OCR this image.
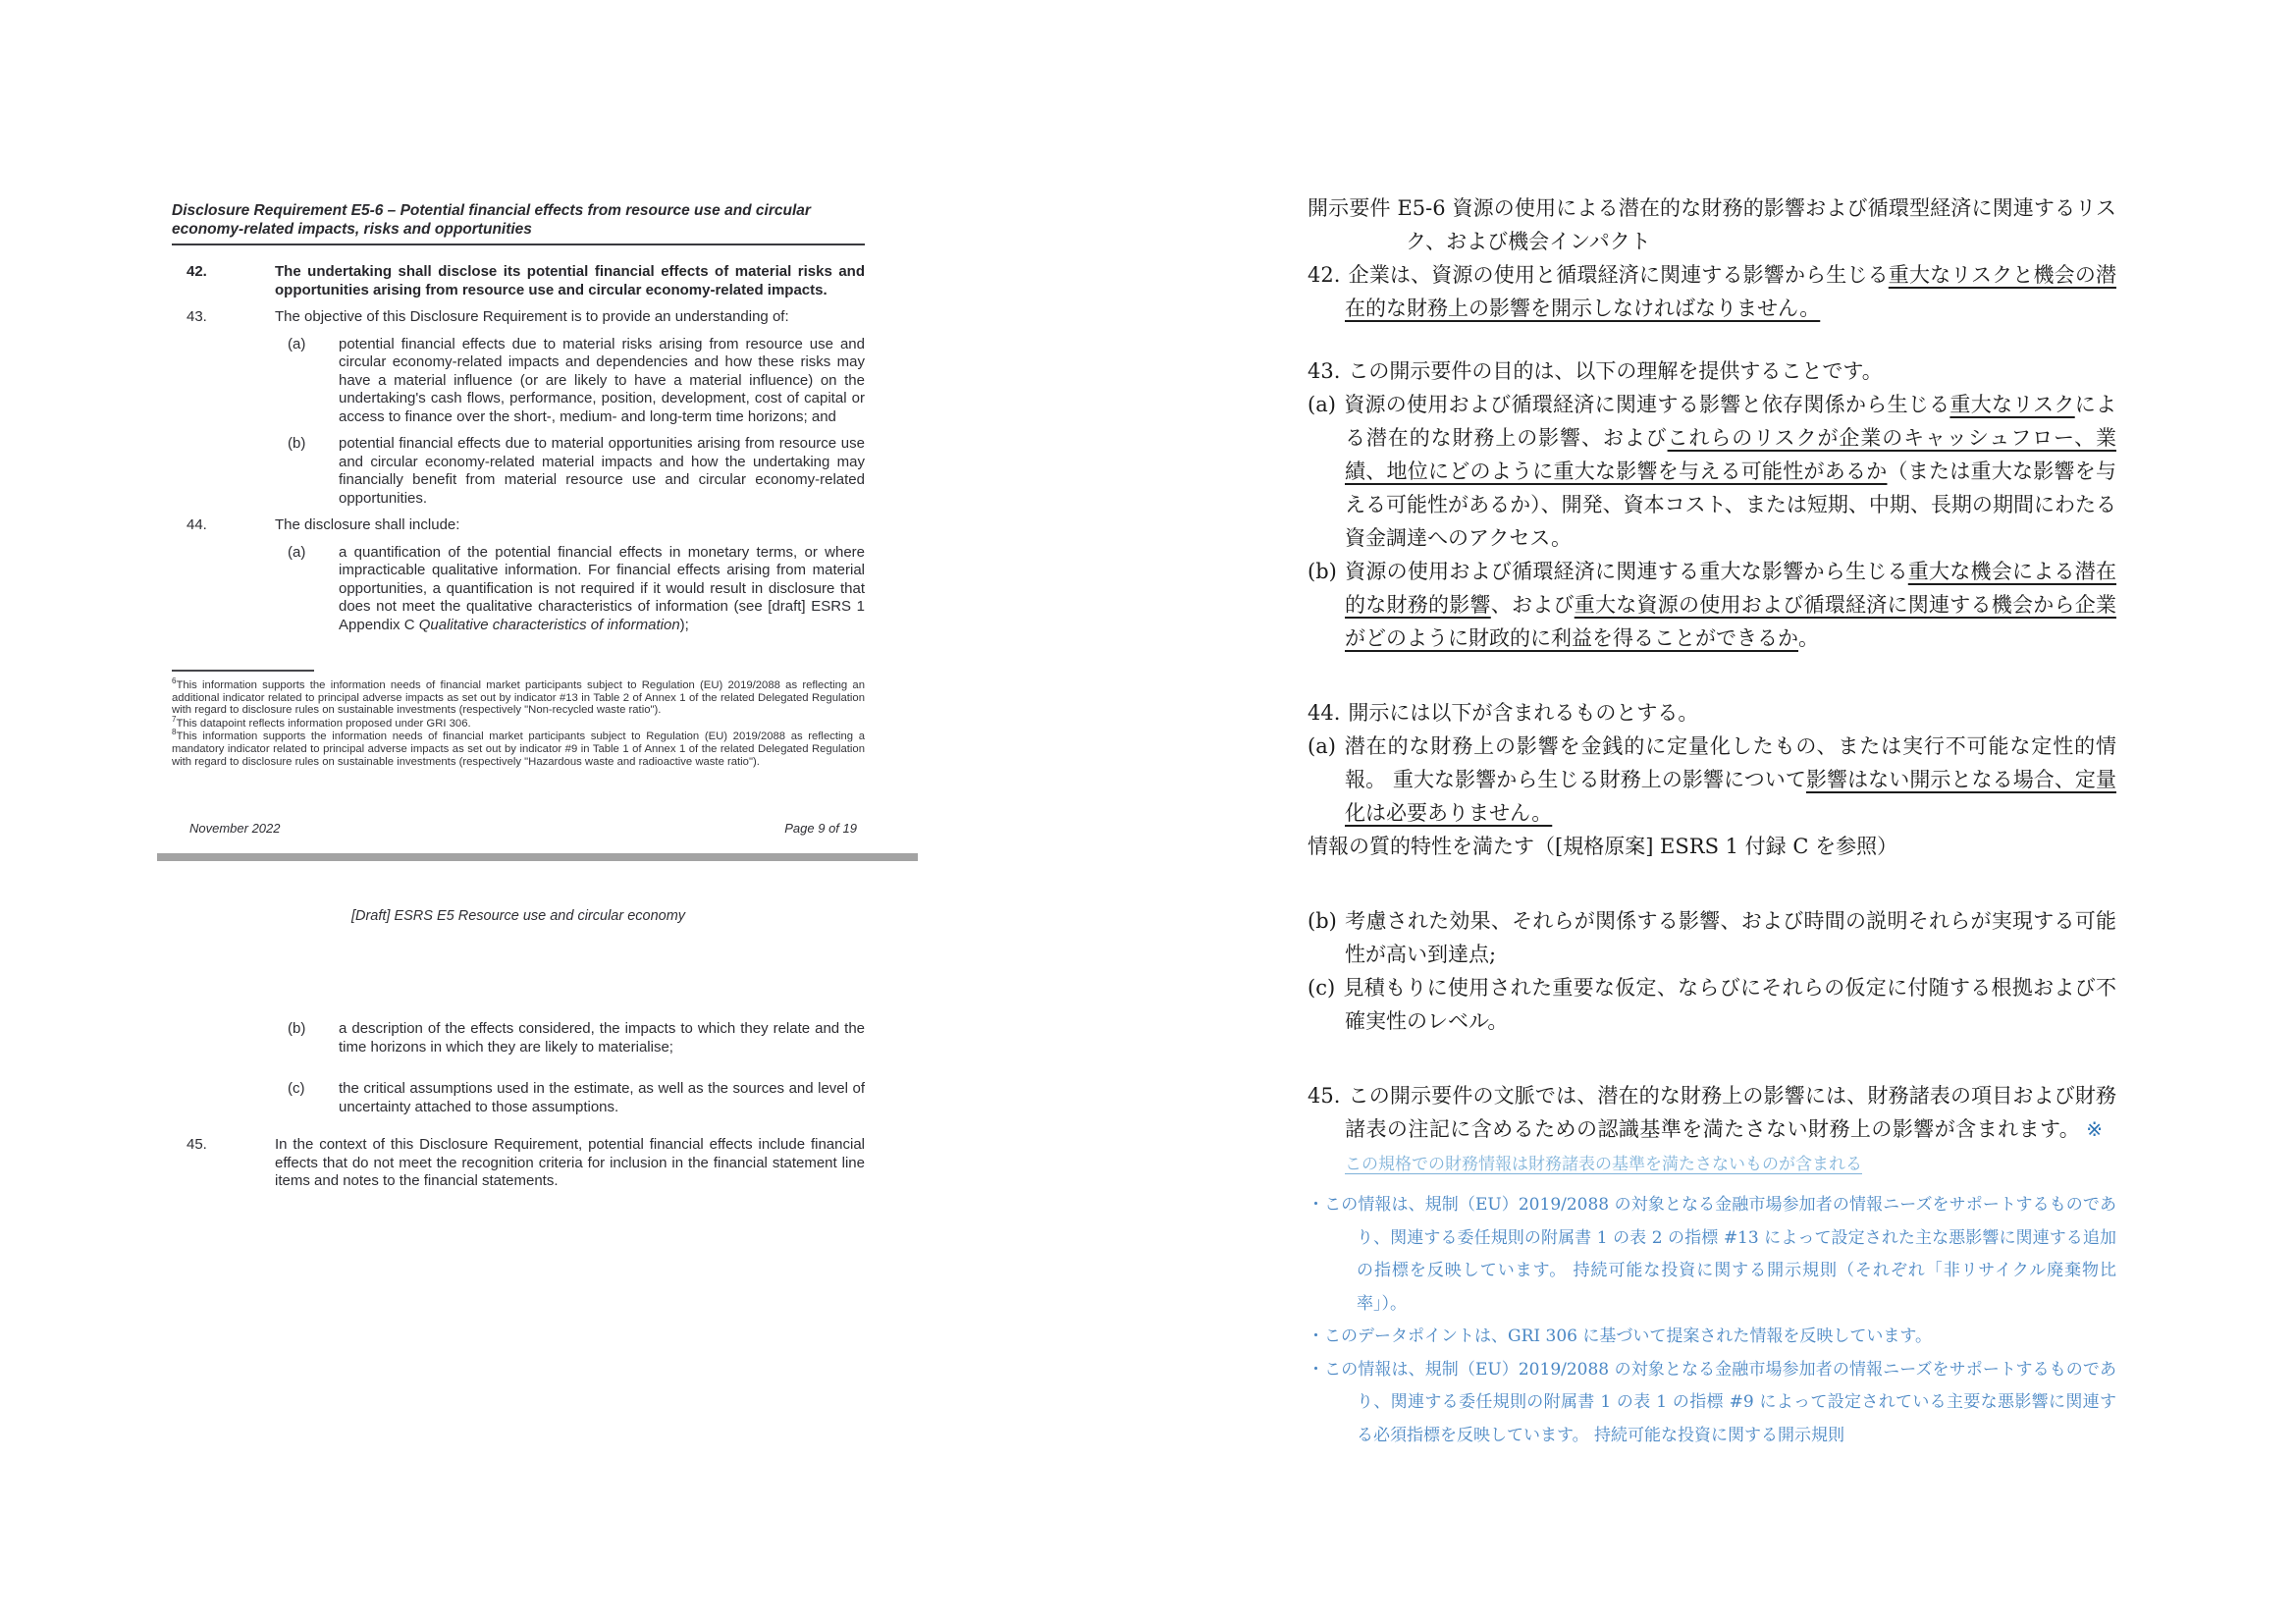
Disclosure Requirement E5-6 – Potential financial effects from resource use and circular economy-related impacts, risks and opportunities
42.	The undertaking shall disclose its potential financial effects of material risks and opportunities arising from resource use and circular economy-related impacts.
43.	The objective of this Disclosure Requirement is to provide an understanding of:
(a)	potential financial effects due to material risks arising from resource use and circular economy-related impacts and dependencies and how these risks may have a material influence (or are likely to have a material influence) on the undertaking's cash flows, performance, position, development, cost of capital or access to finance over the short-, medium- and long-term time horizons; and
(b)	potential financial effects due to material opportunities arising from resource use and circular economy-related material impacts and how the undertaking may financially benefit from material resource use and circular economy-related opportunities.
44.	The disclosure shall include:
(a)	a quantification of the potential financial effects in monetary terms, or where impracticable qualitative information. For financial effects arising from material opportunities, a quantification is not required if it would result in disclosure that does not meet the qualitative characteristics of information (see [draft] ESRS 1 Appendix C Qualitative characteristics of information);

$^6$This information supports the information needs of financial market participants subject to Regulation (EU) 2019/2088 as reflecting an additional indicator related to principal adverse impacts as set out by indicator #13 in Table 2 of Annex 1 of the related Delegated Regulation with regard to disclosure rules on sustainable investments (respectively "Non-recycled waste ratio").

$^7$This datapoint reflects information proposed under GRI 306.

$^8$This information supports the information needs of financial market participants subject to Regulation (EU) 2019/2088 as reflecting a mandatory indicator related to principal adverse impacts as set out by indicator #9 in Table 1 of Annex 1 of the related Delegated Regulation with regard to disclosure rules on sustainable investments (respectively "Hazardous waste and radioactive waste ratio").

November 2022	Page 9 of 19
[Draft] ESRS E5 Resource use and circular economy
(b)	a description of the effects considered, the impacts to which they relate and the time horizons in which they are likely to materialise;
(c)	the critical assumptions used in the estimate, as well as the sources and level of uncertainty attached to those assumptions.
45.	In the context of this Disclosure Requirement, potential financial effects include financial effects that do not meet the recognition criteria for inclusion in the financial statement line items and notes to the financial statements.
開示要件 E5-6 資源の使用による潜在的な財務的影響および循環型経済に関連するリスク、および機会インパクト
42. 企業は、資源の使用と循環経済に関連する影響から生じる重大なリスクと機会の潜在的な財務上の影響を開示しなければなりません。
43. この開示要件の目的は、以下の理解を提供することです。
(a) 資源の使用および循環経済に関連する影響と依存関係から生じる重大なリスクによる潜在的な財務上の影響、およびこれらのリスクが企業のキャッシュフロー、業績、地位にどのように重大な影響を与える可能性があるか（または重大な影響を与える可能性があるか）、開発、資本コスト、または短期、中期、長期の期間にわたる資金調達へのアクセス。
(b) 資源の使用および循環経済に関連する重大な影響から生じる重大な機会による潜在的な財務的影響、および重大な資源の使用および循環経済に関連する機会から企業がどのように財政的に利益を得ることができるか。
44. 開示には以下が含まれるものとする。
(a) 潜在的な財務上の影響を金銭的に定量化したもの、または実行不可能な定性的情報。 重大な影響から生じる財務上の影響について影響はない開示となる場合、定量化は必要ありません。
情報の質的特性を満たす（[規格原案] ESRS 1 付録 C を参照）
(b) 考慮された効果、それらが関係する影響、および時間の説明それらが実現する可能性が高い到達点;
(c) 見積もりに使用された重要な仮定、ならびにそれらの仮定に付随する根拠および不確実性のレベル。
45. この開示要件の文脈では、潜在的な財務上の影響には、財務諸表の項目および財務諸表の注記に含めるための認識基準を満たさない財務上の影響が含まれます。 ※この規格での財務情報は財務諸表の基準を満たさないものが含まれる
・この情報は、規制（EU）2019/2088 の対象となる金融市場参加者の情報ニーズをサポートするものであり、関連する委任規則の附属書 1 の表 2 の指標 #13 によって設定された主な悪影響に関連する追加の指標を反映しています。 持続可能な投資に関する開示規則（それぞれ「非リサイクル廃棄物比率」）。
・このデータポイントは、GRI 306 に基づいて提案された情報を反映しています。
・この情報は、規制（EU）2019/2088 の対象となる金融市場参加者の情報ニーズをサポートするものであり、関連する委任規則の附属書 1 の表 1 の指標 #9 によって設定されている主要な悪影響に関連する必須指標を反映しています。 持続可能な投資に関する開示規則
